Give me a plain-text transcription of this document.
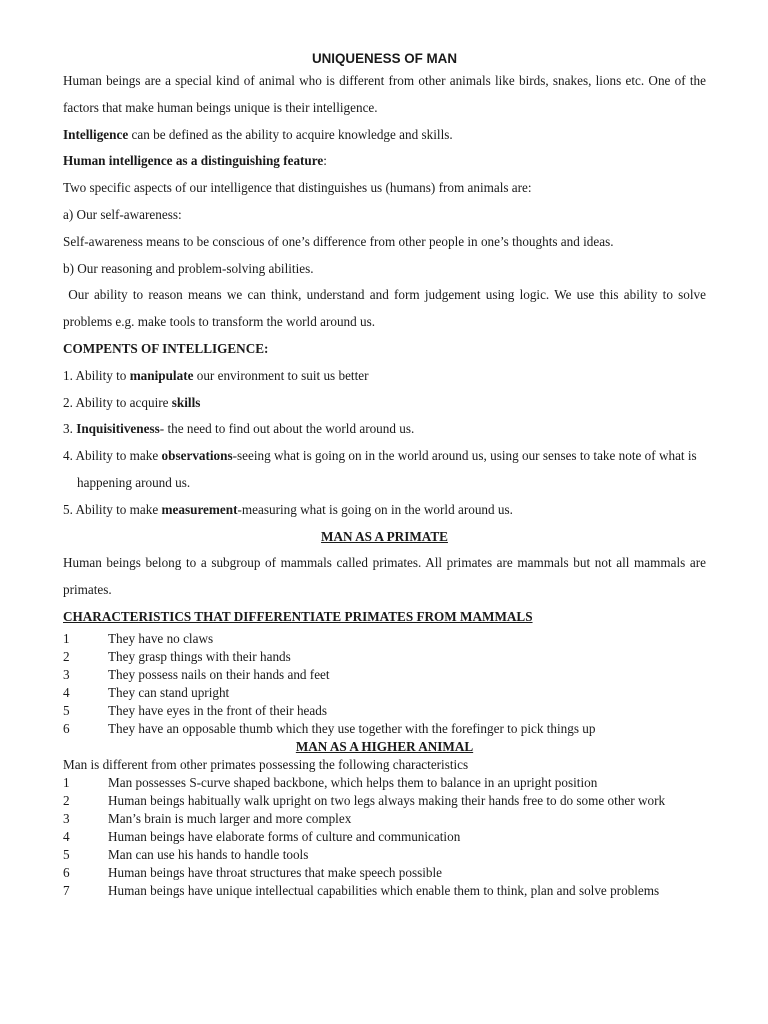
UNIQUENESS OF MAN

Human beings are a special kind of animal who is different from other animals like birds, snakes, lions etc. One of the factors that make human beings unique is their intelligence.

Intelligence can be defined as the ability to acquire knowledge and skills.

Human intelligence as a distinguishing feature:

Two specific aspects of our intelligence that distinguishes us (humans) from animals are:

a) Our self-awareness:

Self-awareness means to be conscious of one’s difference from other people in one’s thoughts and ideas.

b) Our reasoning and problem-solving abilities.

Our ability to reason means we can think, understand and form judgement using logic. We use this ability to solve problems e.g. make tools to transform the world around us.

COMPENTS OF INTELLIGENCE:

1. Ability to manipulate our environment to suit us better

2. Ability to acquire skills

3. Inquisitiveness- the need to find out about the world around us.

4. Ability to make observations-seeing what is going on in the world around us, using our senses to take note of what is happening around us.

5. Ability to make measurement-measuring what is going on in the world around us.

MAN AS A PRIMATE

Human beings belong to a subgroup of mammals called primates. All primates are mammals but not all mammals are primates.

CHARACTERISTICS THAT DIFFERENTIATE PRIMATES FROM MAMMALS

1	They have no claws
2	They grasp things with their hands
3	They possess nails on their hands and feet
4	They can stand upright
5	They have eyes in the front of their heads
6	They have an opposable thumb which they use together with the forefinger to pick things up

MAN AS A HIGHER ANIMAL

Man is different from other primates possessing the following characteristics

1	Man possesses S-curve shaped backbone, which helps them to balance in an upright position
2	Human beings habitually walk upright on two legs always making their hands free to do some other work
3	Man’s brain is much larger and more complex
4	Human beings have elaborate forms of culture and communication
5	Man can use his hands to handle tools
6	Human beings have throat structures that make speech possible
7	Human beings have unique intellectual capabilities which enable them to think, plan and solve problems
